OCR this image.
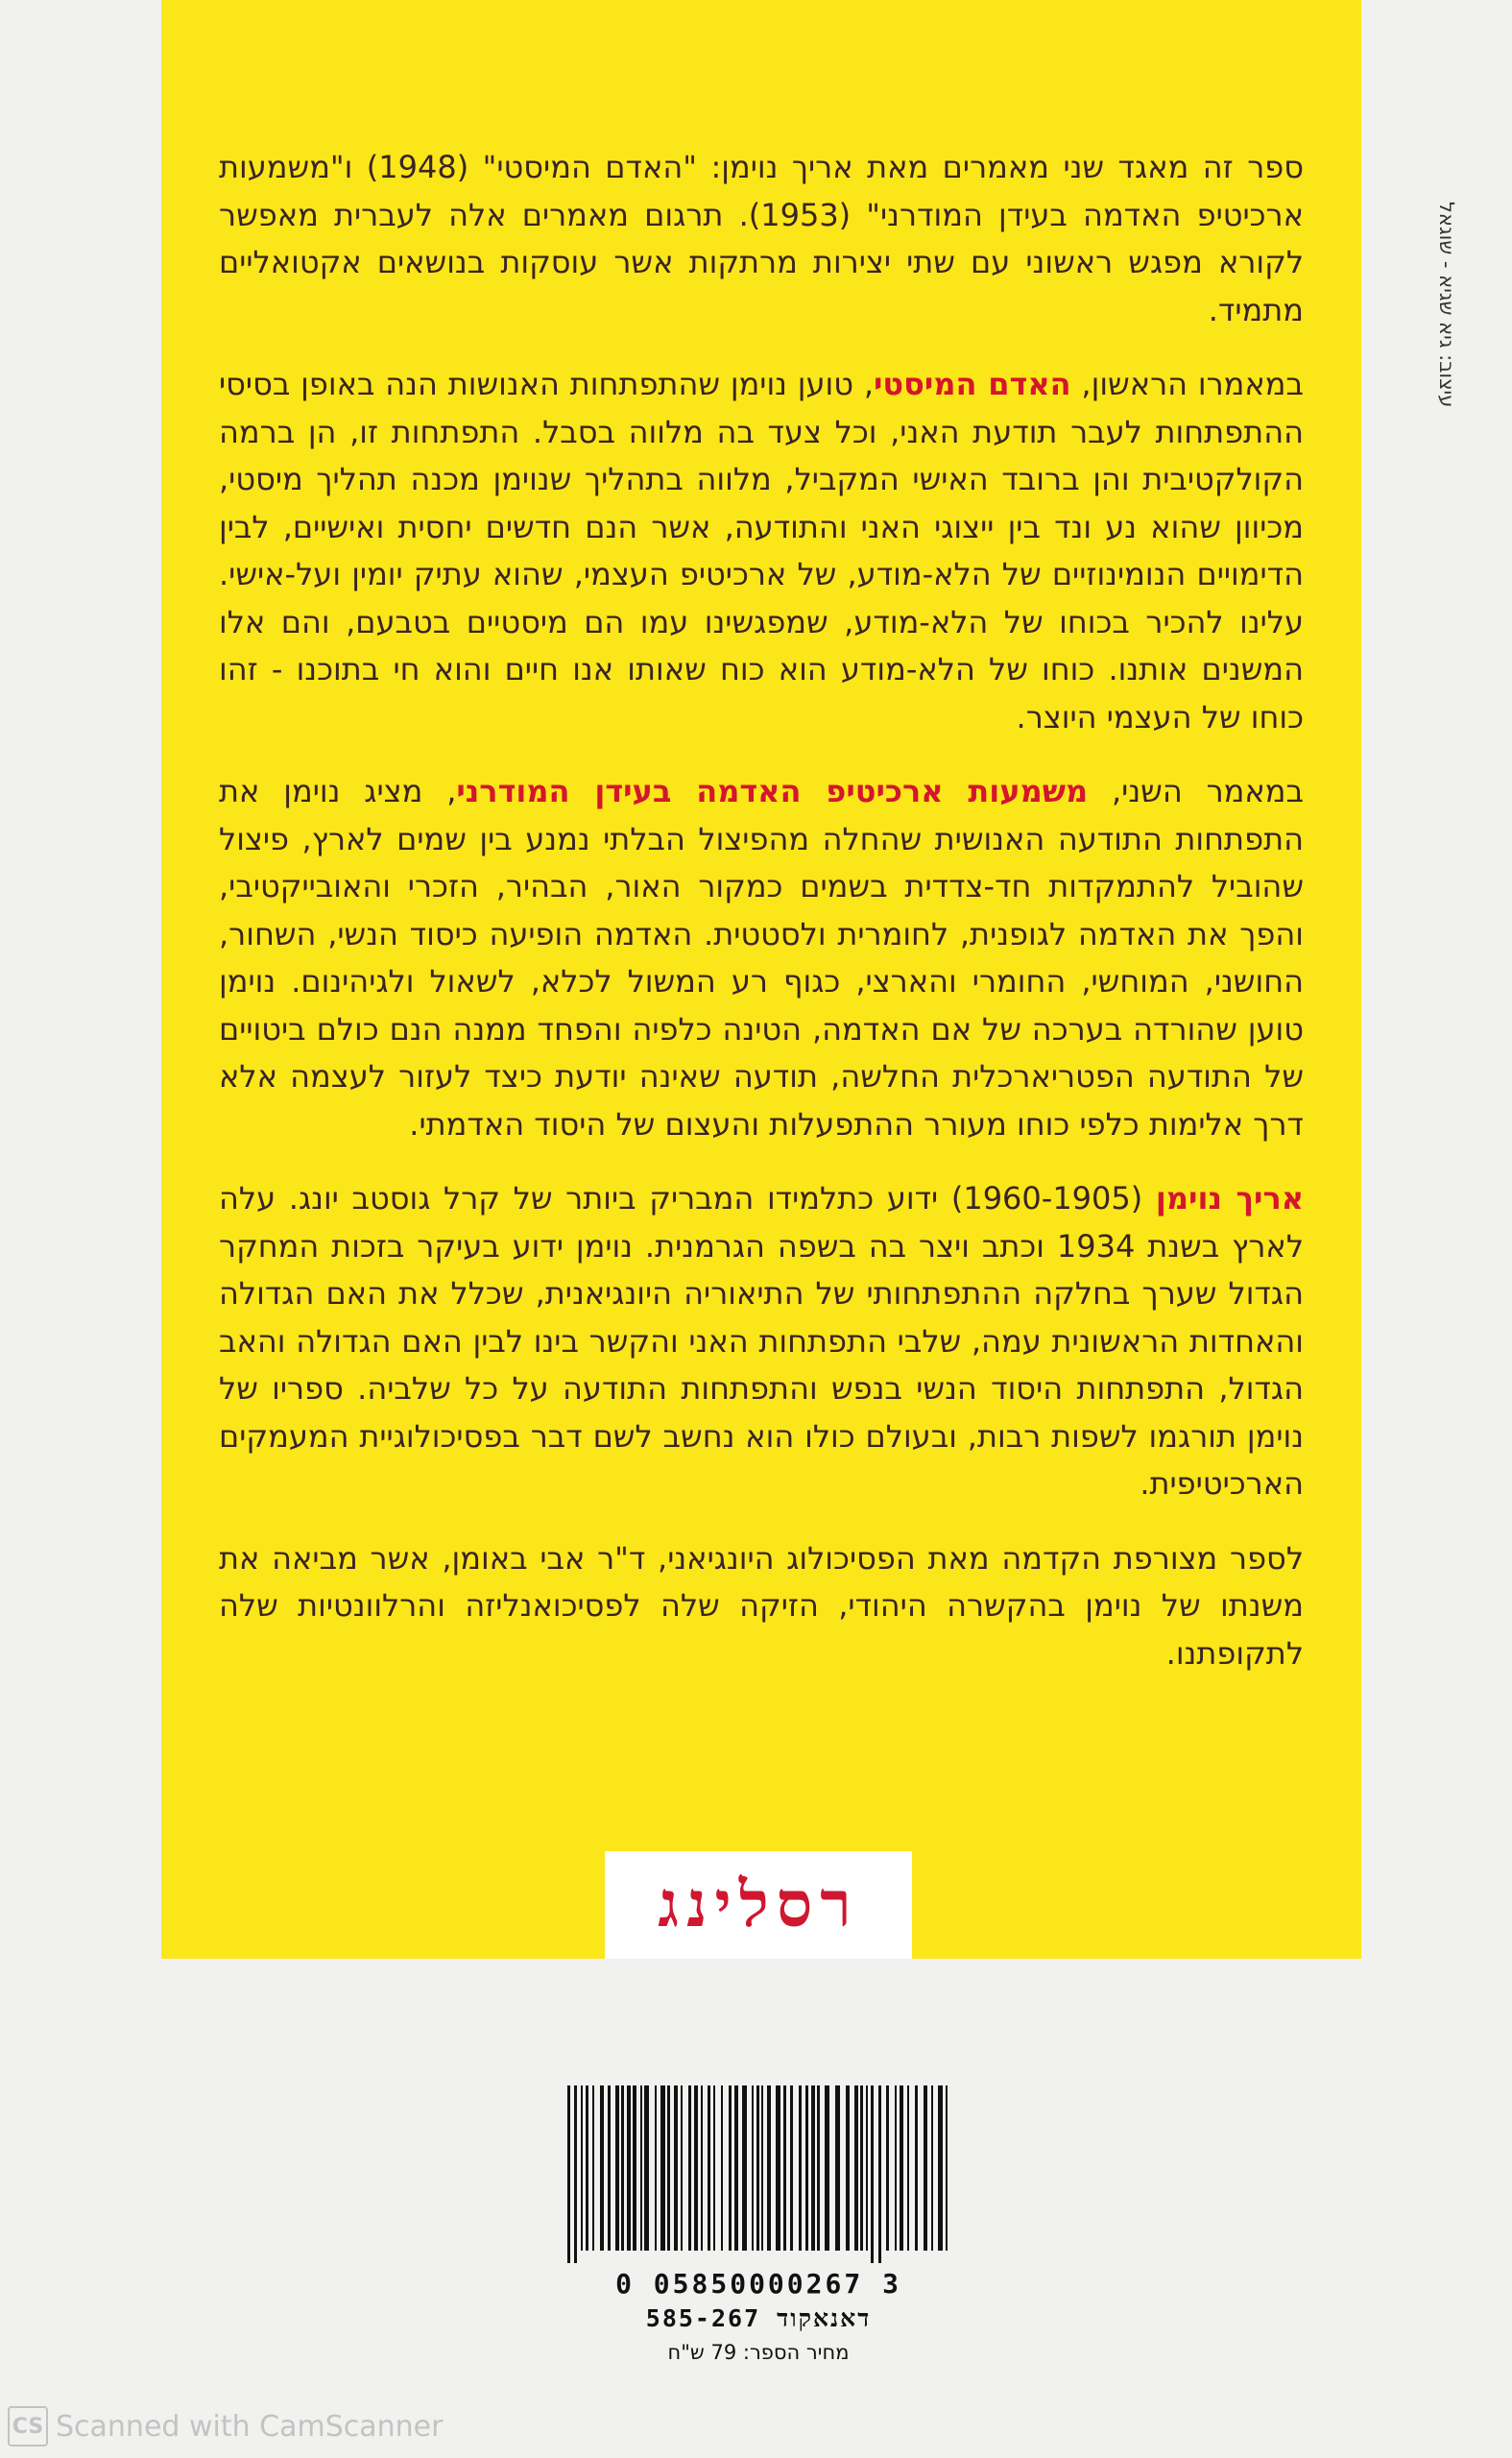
ספר זה מאגד שני מאמרים מאת אריך נוימן: "האדם המיסטי" (1948) ו"משמעות ארכיטיפ האדמה בעידן המודרני" (1953). תרגום מאמרים אלה לעברית מאפשר לקורא מפגש ראשוני עם שתי יצירות מרתקות אשר עוסקות בנושאים אקטואליים מתמיד.

במאמרו הראשון, האדם המיסטי, טוען נוימן שהתפתחות האנושות הנה באופן בסיסי ההתפתחות לעבר תודעת האני, וכל צעד בה מלווה בסבל. התפתחות זו, הן ברמה הקולקטיבית והן ברובד האישי המקביל, מלווה בתהליך שנוימן מכנה תהליך מיסטי, מכיוון שהוא נע ונד בין ייצוגי האני והתודעה, אשר הנם חדשים יחסית ואישיים, לבין הדימויים הנומינוזיים של הלא-מודע, של ארכיטיפ העצמי, שהוא עתיק יומין ועל-אישי. עלינו להכיר בכוחו של הלא-מודע, שמפגשינו עמו הם מיסטיים בטבעם, והם אלו המשנים אותנו. כוחו של הלא-מודע הוא כוח שאותו אנו חיים והוא חי בתוכנו - זהו כוחו של העצמי היוצר.

במאמר השני, משמעות ארכיטיפ האדמה בעידן המודרני, מציג נוימן את התפתחות התודעה האנושית שהחלה מהפיצול הבלתי נמנע בין שמים לארץ, פיצול שהוביל להתמקדות חד-צדדית בשמים כמקור האור, הבהיר, הזכרי והאובייקטיבי, והפך את האדמה לגופנית, לחומרית ולסטטית. האדמה הופיעה כיסוד הנשי, השחור, החושני, המוחשי, החומרי והארצי, כגוף רע המשול לכלא, לשאול ולגיהינום. נוימן טוען שהורדה בערכה של אם האדמה, הטינה כלפיה והפחד ממנה הנם כולם ביטויים של התודעה הפטריארכלית החלשה, תודעה שאינה יודעת כיצד לעזור לעצמה אלא דרך אלימות כלפי כוחו מעורר ההתפעלות והעצום של היסוד האדמתי.

אריך נוימן (1960-1905) ידוע כתלמידו המבריק ביותר של קרל גוסטב יונג. עלה לארץ בשנת 1934 וכתב ויצר בה בשפה הגרמנית. נוימן ידוע בעיקר בזכות המחקר הגדול שערך בחלקה ההתפתחותי של התיאוריה היונגיאנית, שכלל את האם הגדולה והאחדות הראשונית עמה, שלבי התפתחות האני והקשר בינו לבין האם הגדולה והאב הגדול, התפתחות היסוד הנשי בנפש והתפתחות התודעה על כל שלביה. ספריו של נוימן תורגמו לשפות רבות, ובעולם כולו הוא נחשב לשם דבר בפסיכולוגיית המעמקים הארכיטיפית.

לספר מצורפת הקדמה מאת הפסיכולוג היונגיאני, ד"ר אבי באומן, אשר מביאה את משנתו של נוימן בהקשרה היהודי, הזיקה שלה לפסיכואנליזה והרלוונטיות שלה לתקופתנו.

רסלינג
עיצוב: גיא שגיא - שוגאל
0 05850000267 3
דאנאקוד 585-267
מחיר הספר: 79 ש"ח
CS Scanned with CamScanner
